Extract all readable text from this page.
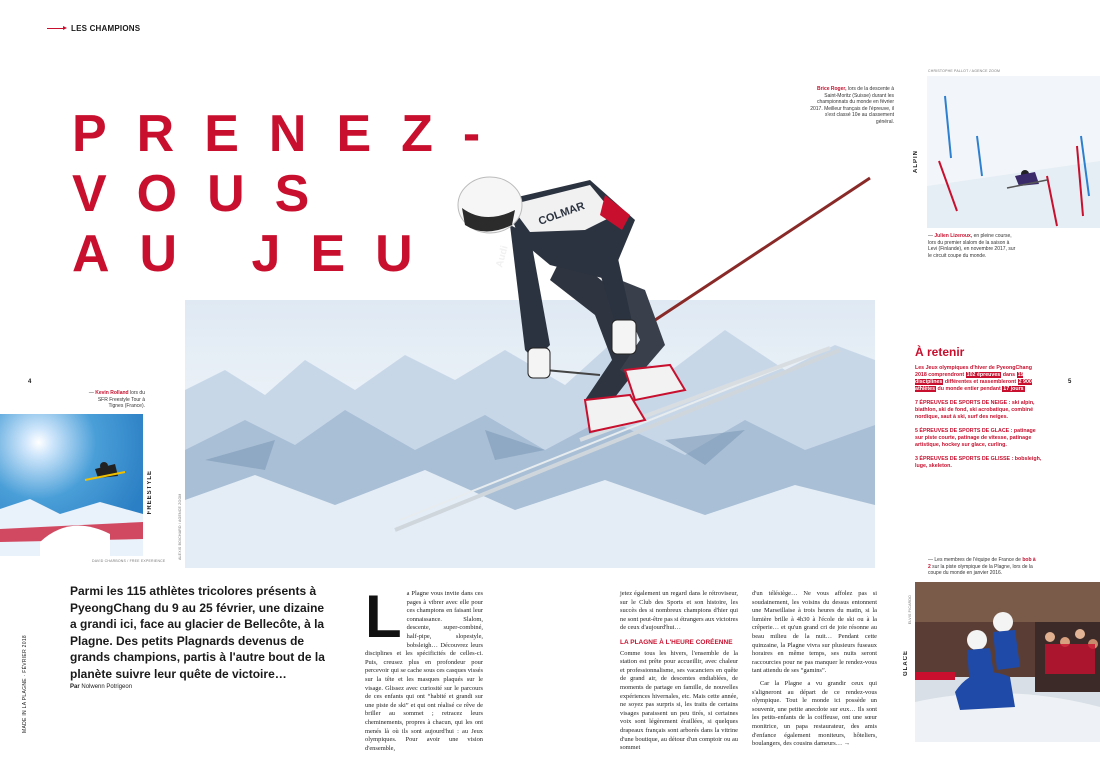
LES CHAMPIONS
PRENEZ-
VOUS
AU JEU
Brice Roger, lors de la descente à Saint-Moritz (Suisse) durant les championnats du monde en février 2017. Meilleur français de l'épreuve, il s'est classé 10e au classement général.
ALEXIS BOICHARD / AGENCE ZOOM
COLMAR
Audi
CHRISTOPHE PALLOT / AGENCE ZOOM
ALPIN
— Julien Lizeroux, en pleine course, lors du premier slalom de la saison à Levi (Finlande), en novembre 2017, sur le circuit coupe du monde.
À retenir

Les Jeux olympiques d'hiver de PyeongChang 2018 comprendront 102 épreuves dans 15 disciplines différentes et rassembleront 2 900 athlètes du monde entier pendant 17 jours

7 ÉPREUVES DE SPORTS DE NEIGE : ski alpin, biathlon, ski de fond, ski acrobatique, combiné nordique, saut à ski, surf des neiges.

5 ÉPREUVES DE SPORTS DE GLACE : patinage sur piste courte, patinage de vitesse, patinage artistique, hockey sur glace, curling.

3 ÉPREUVES DE SPORTS DE GLISSE : bobsleigh, luge, skeleton.

4	5
— Kevin Rolland lors du SFR Freestyle Tour à Tignes (France).
FREESTYLE
DAVID CHARBONS / FREE EXPERIENCE	— Les membres de l'équipe de France de bob à 2 sur la piste olympique de la Plagne, lors de la coupe du monde en janvier 2016.
ELVIS PICARDO
GLACE
MADE IN LA PLAGNE · FÉVRIER 2018
Parmi les 115 athlètes tricolores présents à PyeongChang du 9 au 25 février, une dizaine a grandi ici, face au glacier de Bellecôte, à la Plagne. Des petits Plagnards devenus de grands champions, partis à l'autre bout de la planète suivre leur quête de victoire…
Par Nolwenn Potrigeon
L a Plagne vous invite dans ces pages à vibrer avec elle pour ces champions en faisant leur connaissance. Slalom, descente, super-combiné, half-pipe, slopestyle, bobsleigh… Découvrez leurs disciplines et les spécificités de celles-ci. Puis, creusez plus en profondeur pour percevoir qui se cache sous ces casques vissés sur la tête et les masques plaqués sur le visage. Glissez avec curiosité sur le parcours de ces enfants qui ont “habité et grandi sur une piste de ski” et qui ont réalisé ce rêve de briller au sommet ; retracez leurs cheminements, propres à chacun, qui les ont menés là où ils sont aujourd'hui : au Jeux olympiques. Pour avoir une vision d'ensemble,

jetez également un regard dans le rétroviseur, sur le Club des Sports et son histoire, les succès des si nombreux champions d'hier qui ne sont peut-être pas si étrangers aux victoires de ceux d'aujourd'hui…

LA PLAGNE À L'HEURE CORÉENNE

Comme tous les hivers, l'ensemble de la station est prête pour accueillir, avec chaleur et professionnalisme, ses vacanciers en quête de grand air, de descentes endiablées, de moments de partage en famille, de nouvelles expériences hivernales, etc. Mais cette année, ne soyez pas surpris si, les traits de certains visages paraissent un peu tirés, si certaines voix sont légèrement éraillées, si quelques drapeaux français sont arborés dans la vitrine d'une boutique, au détour d'un comptoir ou au sommet

d'un télésiège… Ne vous affolez pas si soudainement, les voisins du dessus entonnent une Marseillaise à trois heures du matin, si la lumière brille à 4h30 à l'école de ski ou à la crêperie… et qu'un grand cri de joie résonne au beau milieu de la nuit… Pendant cette quinzaine, la Plagne vivra sur plusieurs fuseaux horaires en même temps, ses nuits seront raccourcies pour ne pas manquer le rendez-vous tant attendu de ses “gamins”.

Car la Plagne a vu grandir ceux qui s'aligneront au départ de ce rendez-vous olympique. Tout le monde ici possède un souvenir, une petite anecdote sur eux… Ils sont les petits-enfants de la coiffeuse, ont une sœur monitrice, un papa restaurateur, des amis d'enfance également moniteurs, hôteliers, boulangers, des cousins dameurs… →
